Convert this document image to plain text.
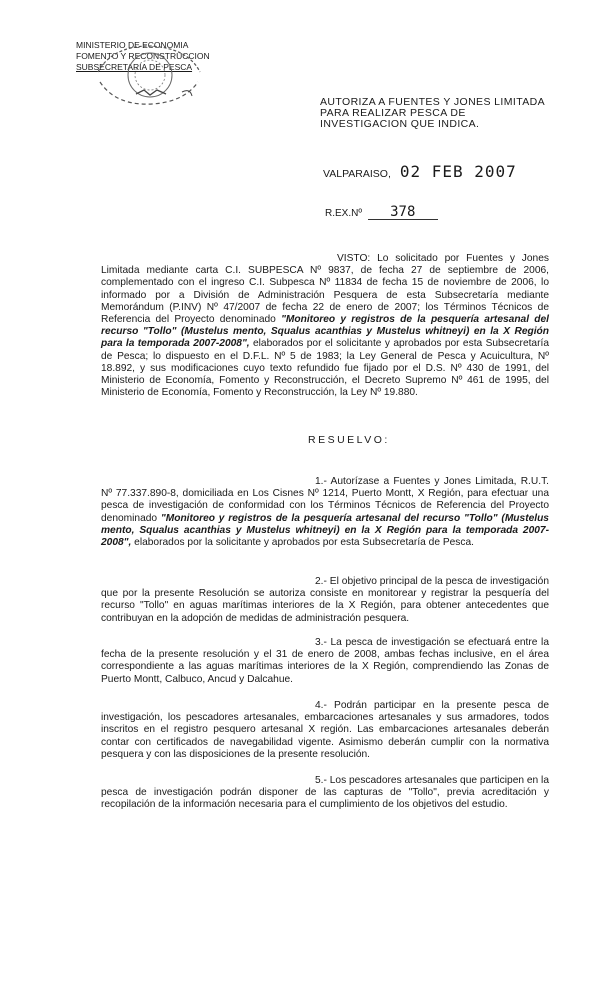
MINISTERIO DE ECONOMIA
FOMENTO Y RECONSTRUCCION
SUBSECRETARIA DE PESCA
AUTORIZA A FUENTES Y JONES LIMITADA PARA REALIZAR PESCA DE INVESTIGACION QUE INDICA.
VALPARAISO, 02 FEB 2007
R.EX.Nº 378

VISTO: Lo solicitado por Fuentes y Jones Limitada mediante carta C.I. SUBPESCA Nº 9837, de fecha 27 de septiembre de 2006, complementado con el ingreso C.I. Subpesca Nº 11834 de fecha 15 de noviembre de 2006, lo informado por a División de Administración Pesquera de esta Subsecretaría mediante Memorándum (P.INV) Nº 47/2007 de fecha 22 de enero de 2007; los Términos Técnicos de Referencia del Proyecto denominado "Monitoreo y registros de la pesquería artesanal del recurso "Tollo" (Mustelus mento, Squalus acanthias y Mustelus whitneyi) en la X Región para la temporada 2007-2008", elaborados por el solicitante y aprobados por esta Subsecretaría de Pesca; lo dispuesto en el D.F.L. Nº 5 de 1983; la Ley General de Pesca y Acuicultura, Nº 18.892, y sus modificaciones cuyo texto refundido fue fijado por el D.S. Nº 430 de 1991, del Ministerio de Economía, Fomento y Reconstrucción, el Decreto Supremo Nº 461 de 1995, del Ministerio de Economía, Fomento y Reconstrucción, la Ley Nº 19.880.

RESUELVO:

1.- Autorízase a Fuentes y Jones Limitada, R.U.T. Nº 77.337.890-8, domiciliada en Los Cisnes Nº 1214, Puerto Montt, X Región, para efectuar una pesca de investigación de conformidad con los Términos Técnicos de Referencia del Proyecto denominado "Monitoreo y registros de la pesquería artesanal del recurso "Tollo" (Mustelus mento, Squalus acanthias y Mustelus whitneyi) en la X Región para la temporada 2007-2008", elaborados por la solicitante y aprobados por esta Subsecretaría de Pesca.

2.- El objetivo principal de la pesca de investigación que por la presente Resolución se autoriza consiste en monitorear y registrar la pesquería del recurso "Tollo" en aguas marítimas interiores de la X Región, para obtener antecedentes que contribuyan en la adopción de medidas de administración pesquera.

3.- La pesca de investigación se efectuará entre la fecha de la presente resolución y el 31 de enero de 2008, ambas fechas inclusive, en el área correspondiente a las aguas marítimas interiores de la X Región, comprendiendo las Zonas de Puerto Montt, Calbuco, Ancud y Dalcahue.

4.- Podrán participar en la presente pesca de investigación, los pescadores artesanales, embarcaciones artesanales y sus armadores, todos inscritos en el registro pesquero artesanal X región. Las embarcaciones artesanales deberán contar con certificados de navegabilidad vigente. Asimismo deberán cumplir con la normativa pesquera y con las disposiciones de la presente resolución.

5.- Los pescadores artesanales que participen en la pesca de investigación podrán disponer de las capturas de "Tollo", previa acreditación y recopilación de la información necesaria para el cumplimiento de los objetivos del estudio.
